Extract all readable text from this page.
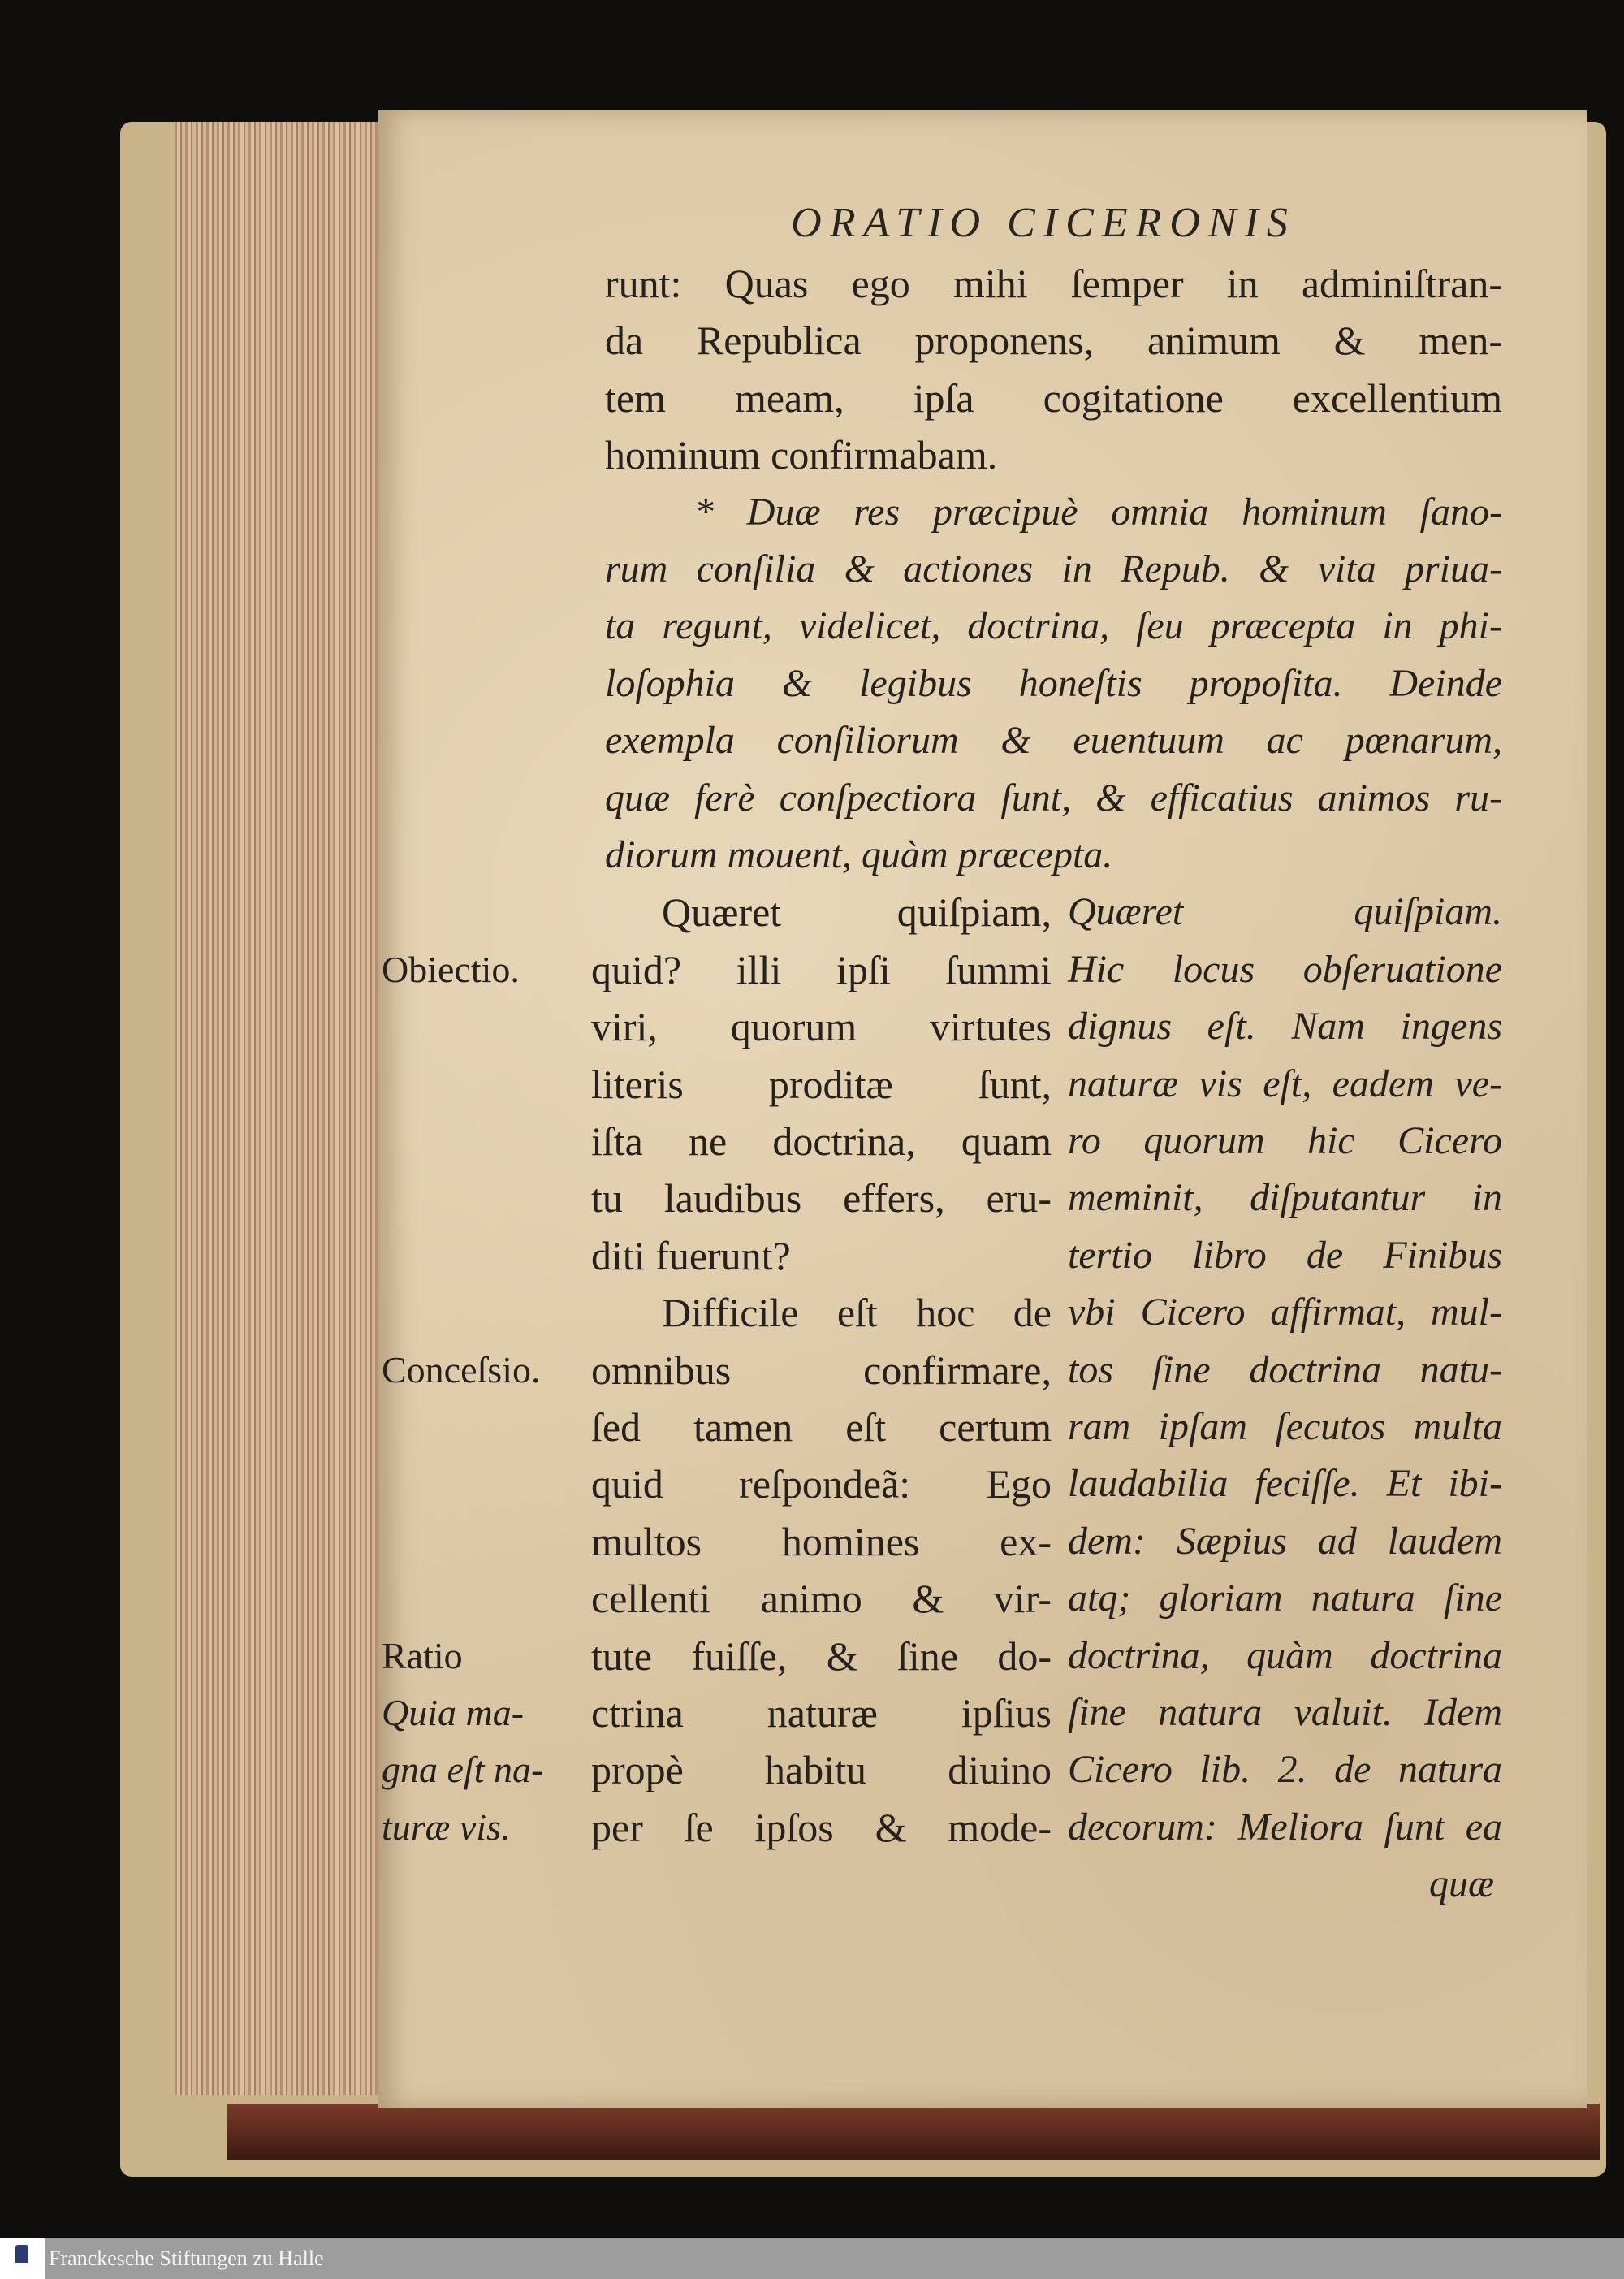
ORATIO CICERONIS
runt: Quas ego mihi ſemper in adminiſtran-
da Republica proponens, animum & men-
tem meam, ipſa cogitatione excellentium
hominum confirmabam.
* Duæ res præcipuè omnia hominum ſano-
rum conſilia & actiones in Repub. & vita priua-
ta regunt, videlicet, doctrina, ſeu præcepta in phi-
loſophia & legibus honeſtis propoſita. Deinde
exempla conſiliorum & euentuum ac pœnarum,
quæ ferè conſpectiora ſunt, & efficatius animos ru-
diorum mouent, quàm præcepta.
Quæret quiſpiam, Quæret quiſpiam.
quid? illi ipſi ſummi Hic locus obſeruatione
Obiectio.
viri, quorum virtutes dignus eſt. Nam ingens
literis proditæ ſunt, naturæ vis eſt, eadem ve-
iſta ne doctrina, quam ro quorum hic Cicero
tu laudibus effers, eru- meminit, diſputantur in
diti fuerunt?	tertio libro de Finibus
Difficile eſt hoc de vbi Cicero affirmat, mul-
omnibus confirmare, tos ſine doctrina natu-
Conceſsio.
ſed tamen eſt certum ram ipſam ſecutos multa
quid reſpondeã: Ego laudabilia feciſſe. Et ibi-
multos homines ex- dem: Sæpius ad laudem
cellenti animo & vir- atq; gloriam natura ſine
tute fuiſſe, & ſine do- doctrina, quàm doctrina
Ratio
ctrina naturæ ipſius ſine natura valuit. Idem
Quia ma-
propè habitu diuino Cicero lib. 2. de natura
gna eſt na-
per ſe ipſos & mode- decorum: Meliora ſunt ea
turæ vis.
quæ
Franckesche Stiftungen zu Halle
